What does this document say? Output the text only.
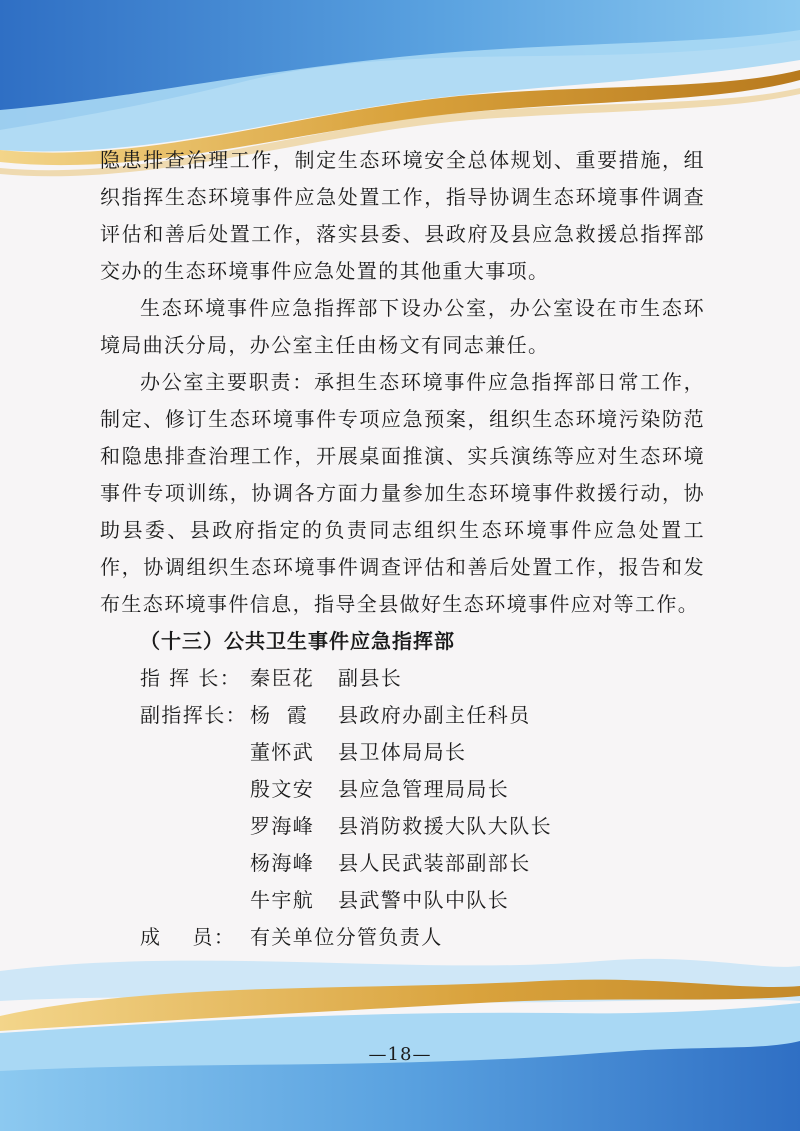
隐患排查治理工作，制定生态环境安全总体规划、重要措施，组织指挥生态环境事件应急处置工作，指导协调生态环境事件调查评估和善后处置工作，落实县委、县政府及县应急救援总指挥部交办的生态环境事件应急处置的其他重大事项。

生态环境事件应急指挥部下设办公室，办公室设在市生态环境局曲沃分局，办公室主任由杨文有同志兼任。

办公室主要职责：承担生态环境事件应急指挥部日常工作，制定、修订生态环境事件专项应急预案，组织生态环境污染防范和隐患排查治理工作，开展桌面推演、实兵演练等应对生态环境事件专项训练，协调各方面力量参加生态环境事件救援行动，协助县委、县政府指定的负责同志组织生态环境事件应急处置工作，协调组织生态环境事件调查评估和善后处置工作，报告和发布生态环境事件信息，指导全县做好生态环境事件应对等工作。

（十三）公共卫生事件应急指挥部

指 挥 长： 秦臣花	副县长
副指挥长： 杨  霞	县政府办副主任科员
董怀武	县卫体局局长
殷文安	县应急管理局局长
罗海峰	县消防救援大队大队长
杨海峰	县人民武装部副部长
牛宇航	县武警中队中队长
成    员： 有关单位分管负责人
—18—
